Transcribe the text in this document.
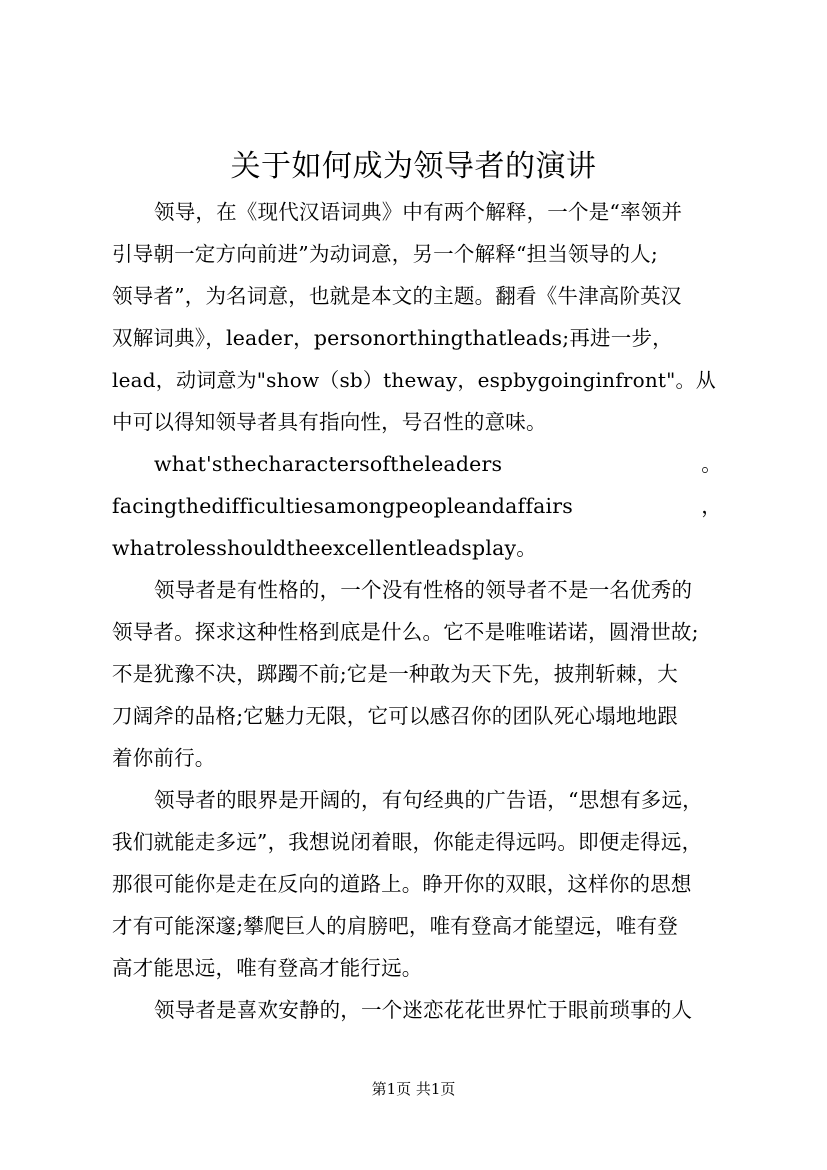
关于如何成为领导者的演讲
领导，在《现代汉语词典》中有两个解释，一个是“率领并
引导朝一定方向前进”为动词意，另一个解释“担当领导的人;
领导者”，为名词意，也就是本文的主题。翻看《牛津高阶英汉
双解词典》，leader，personorthingthatleads;再进一步，
lead，动词意为"show（sb）theway，espbygoinginfront"。从
中可以得知领导者具有指向性，号召性的意味。
what'sthecharactersoftheleaders	。
facingthedifficultiesamongpeopleandaffairs	，
whatrolesshouldtheexcellentleadsplay。
领导者是有性格的，一个没有性格的领导者不是一名优秀的
领导者。探求这种性格到底是什么。它不是唯唯诺诺，圆滑世故;
不是犹豫不决，踯躅不前;它是一种敢为天下先，披荆斩棘，大
刀阔斧的品格;它魅力无限，它可以感召你的团队死心塌地地跟
着你前行。
领导者的眼界是开阔的，有句经典的广告语，“思想有多远，
我们就能走多远”，我想说闭着眼，你能走得远吗。即便走得远，
那很可能你是走在反向的道路上。睁开你的双眼，这样你的思想
才有可能深邃;攀爬巨人的肩膀吧，唯有登高才能望远，唯有登
高才能思远，唯有登高才能行远。
领导者是喜欢安静的，一个迷恋花花世界忙于眼前琐事的人
第1页 共1页
